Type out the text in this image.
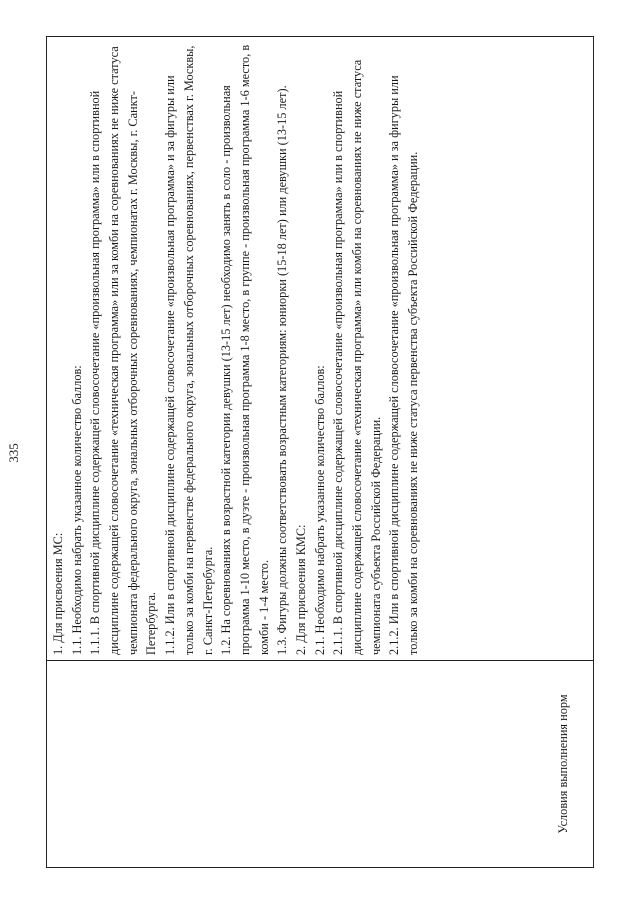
335
Условия выполнения норм	

1. Для присвоения МС: 1.1. Необходимо набрать указанное количество баллов: 1.1.1. В спортивной дисциплине содержащей словосочетание «произвольная программа» или в спортивной дисциплине содержащей словосочетание «техническая программа» или за комби на соревнованиях не ниже статуса чемпионата федерального округа, зональных отборочных соревнованиях, чемпионатах г. Москвы, г. Санкт-Петербурга. 1.1.2. Или в спортивной дисциплине содержащей словосочетание «произвольная программа» и за фигуры или только за комби на первенстве федерального округа, зональных отборочных соревнованиях, первенствах г. Москвы, г. Санкт-Петербурга. 1.2. На соревнованиях в возрастной категории девушки (13-15 лет) необходимо занять в соло - произвольная программа 1-10 место, в дуэте - произвольная программа 1-8 место, в группе - произвольная программа 1-6 место, в комби - 1-4 место. 1.3. Фигуры должны соответствовать возрастным категориям: юниорки (15-18 лет) или девушки (13-15 лет). 2. Для присвоения КМС: 2.1. Необходимо набрать указанное количество баллов: 2.1.1. В спортивной дисциплине содержащей словосочетание «произвольная программа» или в спортивной дисциплине содержащей словосочетание «техническая программа» или комби на соревнованиях не ниже статуса чемпионата субъекта Российской Федерации. 2.1.2. Или в спортивной дисциплине содержащей словосочетание «произвольная программа» и за фигуры или только за комби на соревнованиях не ниже статуса первенства субъекта Российской Федерации.
